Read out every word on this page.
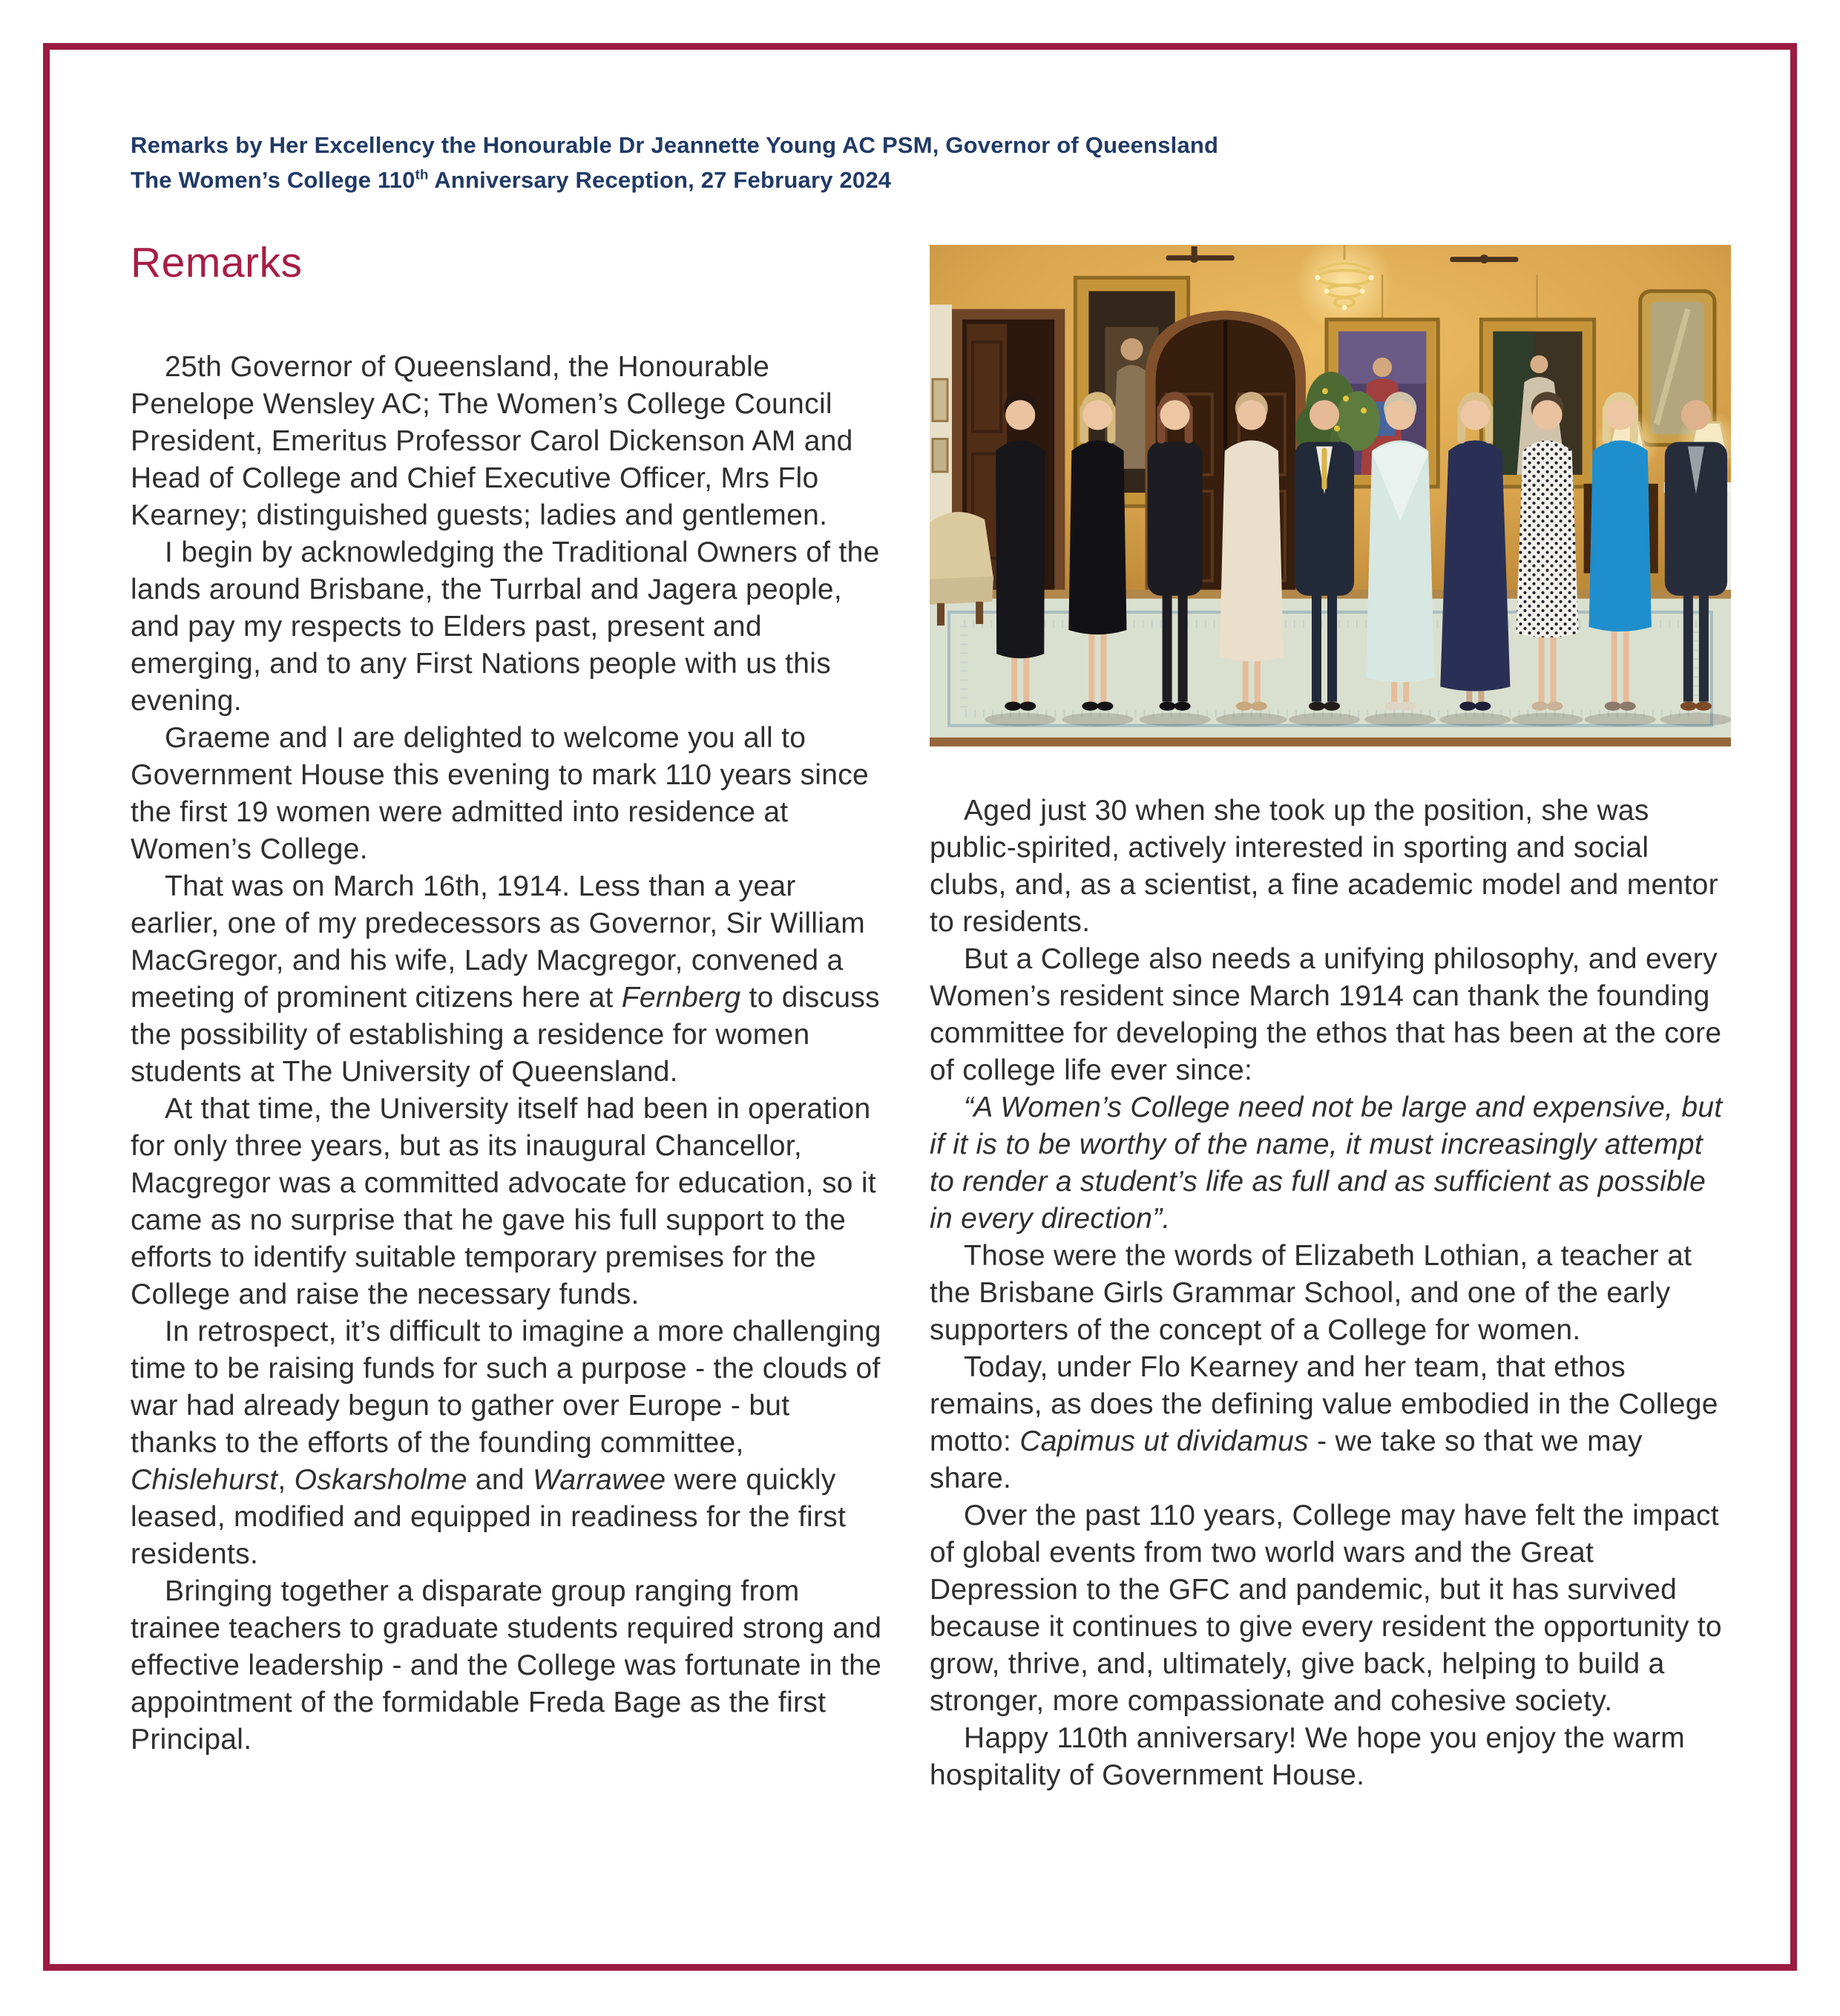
Remarks by Her Excellency the Honourable Dr Jeannette Young AC PSM, Governor of Queensland
The Women’s College 110th Anniversary Reception, 27 February 2024
Remarks

25th Governor of Queensland, the Honourable Penelope Wensley AC; The Women’s College Council President, Emeritus Professor Carol Dickenson AM and Head of College and Chief Executive Officer, Mrs Flo Kearney; distinguished guests; ladies and gentlemen.

I begin by acknowledging the Traditional Owners of the lands around Brisbane, the Turrbal and Jagera people, and pay my respects to Elders past, present and emerging, and to any First Nations people with us this evening.

Graeme and I are delighted to welcome you all to Government House this evening to mark 110 years since the first 19 women were admitted into residence at Women’s College.

That was on March 16th, 1914. Less than a year earlier, one of my predecessors as Governor, Sir William MacGregor, and his wife, Lady Macgregor, convened a meeting of prominent citizens here at Fernberg to discuss the possibility of establishing a residence for women students at The University of Queensland.

At that time, the University itself had been in operation for only three years, but as its inaugural Chancellor, Macgregor was a committed advocate for education, so it came as no surprise that he gave his full support to the efforts to identify suitable temporary premises for the College and raise the necessary funds.

In retrospect, it’s difficult to imagine a more challenging time to be raising funds for such a purpose - the clouds of war had already begun to gather over Europe - but thanks to the efforts of the founding committee, Chislehurst, Oskarsholme and Warrawee were quickly leased, modified and equipped in readiness for the first residents.

Bringing together a disparate group ranging from trainee teachers to graduate students required strong and effective leadership - and the College was fortunate in the appointment of the formidable Freda Bage as the first Principal.

Aged just 30 when she took up the position, she was public-spirited, actively interested in sporting and social clubs, and, as a scientist, a fine academic model and mentor to residents.

But a College also needs a unifying philosophy, and every Women’s resident since March 1914 can thank the founding committee for developing the ethos that has been at the core of college life ever since:

“A Women’s College need not be large and expensive, but if it is to be worthy of the name, it must increasingly attempt to render a student’s life as full and as sufficient as possible in every direction”.

Those were the words of Elizabeth Lothian, a teacher at the Brisbane Girls Grammar School, and one of the early supporters of the concept of a College for women.

Today, under Flo Kearney and her team, that ethos remains, as does the defining value embodied in the College motto: Capimus ut dividamus - we take so that we may share.

Over the past 110 years, College may have felt the impact of global events from two world wars and the Great Depression to the GFC and pandemic, but it has survived because it continues to give every resident the opportunity to grow, thrive, and, ultimately, give back, helping to build a stronger, more compassionate and cohesive society.

Happy 110th anniversary! We hope you enjoy the warm hospitality of Government House.
